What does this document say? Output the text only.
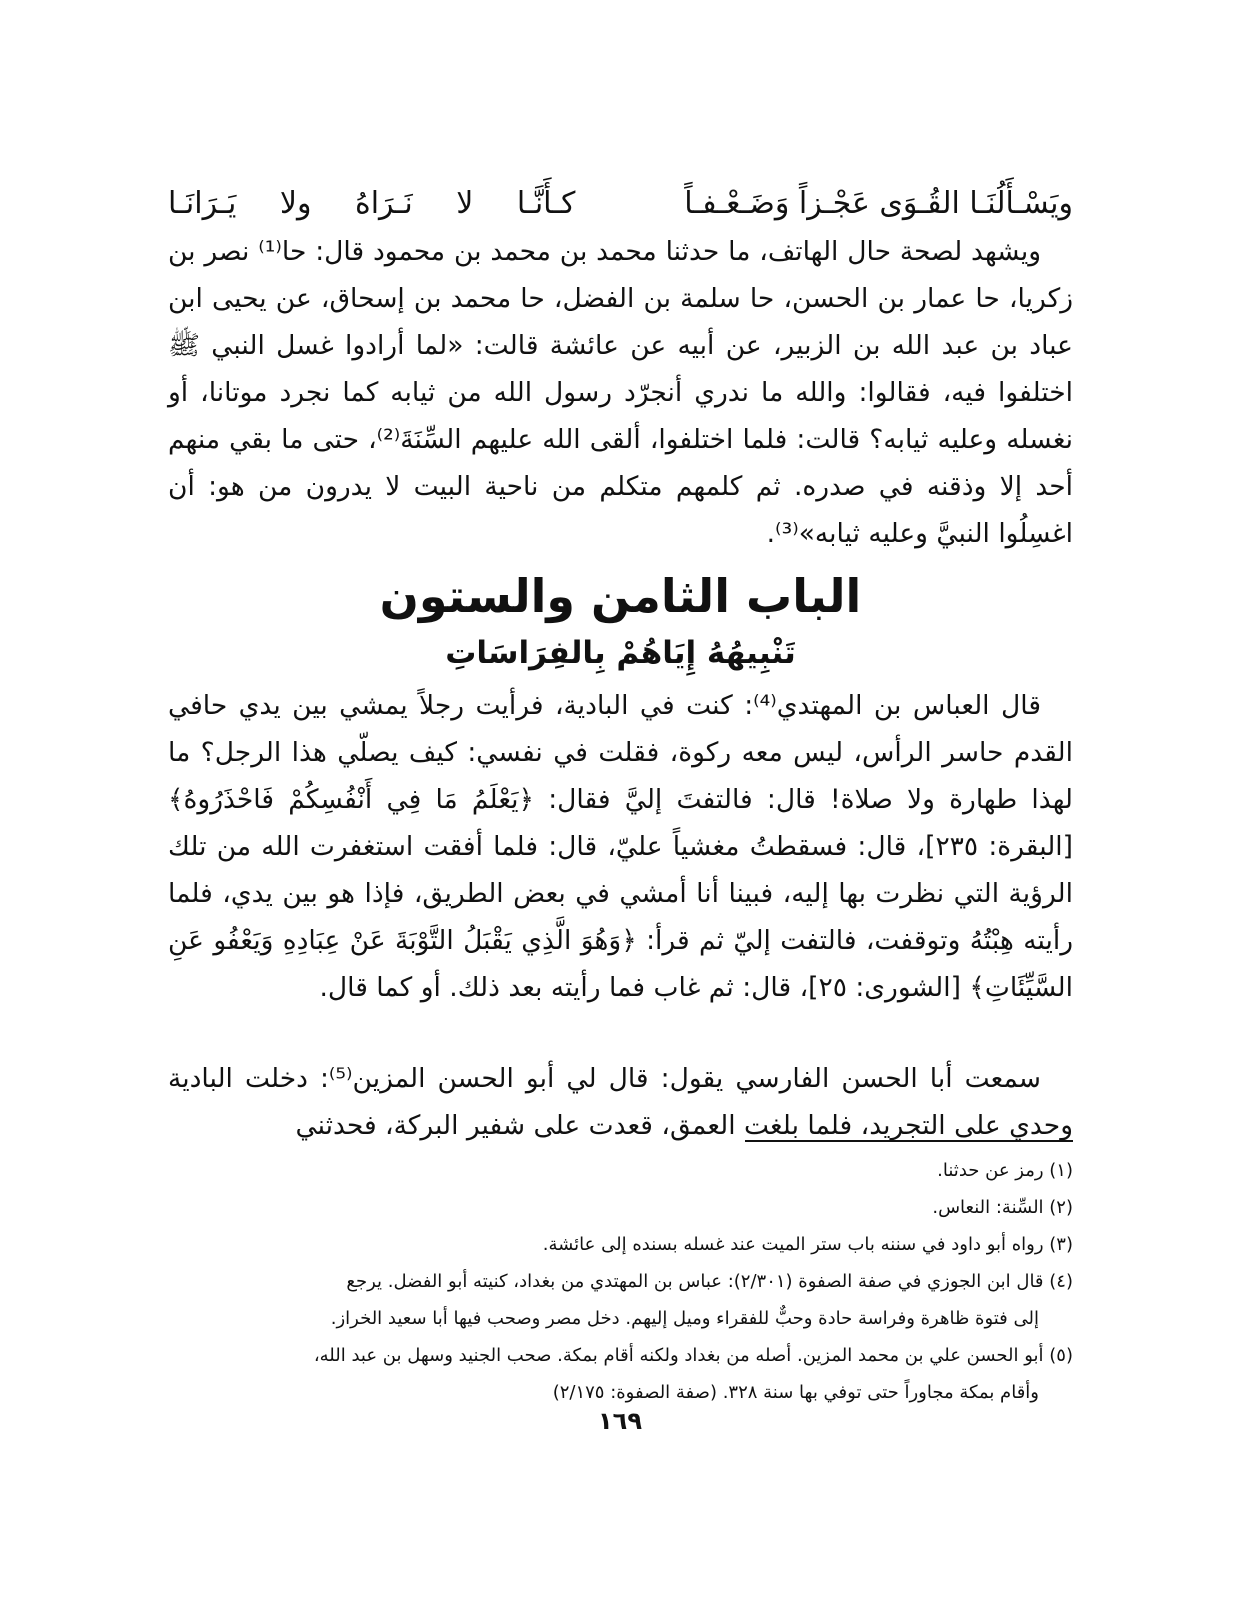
ويَسْـأَلُنَـا القُـوَى عَجْـزاً وَضَـعْـفـاً
كـأَنَّـا لا نَـرَاهُ ولا يَـرَانَـا

ويشهد لصحة حال الهاتف، ما حدثنا محمد بن محمد بن محمود قال: حا⁽¹⁾ نصر بن زكريا، حا عمار بن الحسن، حا سلمة بن الفضل، حا محمد بن إسحاق، عن يحيى ابن عباد بن عبد الله بن الزبير، عن أبيه عن عائشة قالت: «لما أرادوا غسل النبي ﷺ اختلفوا فيه، فقالوا: والله ما ندري أنجرّد رسول الله من ثيابه كما نجرد موتانا، أو نغسله وعليه ثيابه؟ قالت: فلما اختلفوا، ألقى الله عليهم السِّنَةَ⁽²⁾، حتى ما بقي منهم أحد إلا وذقنه في صدره. ثم كلمهم متكلم من ناحية البيت لا يدرون من هو: أن اغسِلُوا النبيَّ وعليه ثيابه»⁽³⁾.

الباب الثامن والستون
تَنْبِيهُهُ إِيَاهُمْ بِالفِرَاسَاتِ

قال العباس بن المهتدي⁽⁴⁾: كنت في البادية، فرأيت رجلاً يمشي بين يدي حافي القدم حاسر الرأس، ليس معه ركوة، فقلت في نفسي: كيف يصلّي هذا الرجل؟ ما لهذا طهارة ولا صلاة! قال: فالتفتَ إليَّ فقال: ﴿يَعْلَمُ مَا فِي أَنْفُسِكُمْ فَاحْذَرُوهُ﴾ [البقرة: ٢٣٥]، قال: فسقطتُ مغشياً عليّ، قال: فلما أفقت استغفرت الله من تلك الرؤية التي نظرت بها إليه، فبينا أنا أمشي في بعض الطريق، فإذا هو بين يدي، فلما رأيته هِبْتُهُ وتوقفت، فالتفت إليّ ثم قرأ: ﴿وَهُوَ الَّذِي يَقْبَلُ التَّوْبَةَ عَنْ عِبَادِهِ وَيَعْفُو عَنِ السَّيِّئَاتِ﴾ [الشورى: ٢٥]، قال: ثم غاب فما رأيته بعد ذلك. أو كما قال.

سمعت أبا الحسن الفارسي يقول: قال لي أبو الحسن المزين⁽⁵⁾: دخلت البادية وحدي على التجريد، فلما بلغت العمق، قعدت على شفير البركة، فحدثني

(١) رمز عن حدثنا.
(٢) السِّنة: النعاس.
(٣) رواه أبو داود في سننه باب ستر الميت عند غسله بسنده إلى عائشة.
(٤) قال ابن الجوزي في صفة الصفوة (٢/٣٠١): عباس بن المهتدي من بغداد، كنيته أبو الفضل. يرجع
إلى فتوة ظاهرة وفراسة حادة وحبٌّ للفقراء وميل إليهم. دخل مصر وصحب فيها أبا سعيد الخراز.
(٥) أبو الحسن علي بن محمد المزين. أصله من بغداد ولكنه أقام بمكة. صحب الجنيد وسهل بن عبد الله،
وأقام بمكة مجاوراً حتى توفي بها سنة ٣٢٨. (صفة الصفوة: ٢/١٧٥)
١٦٩
